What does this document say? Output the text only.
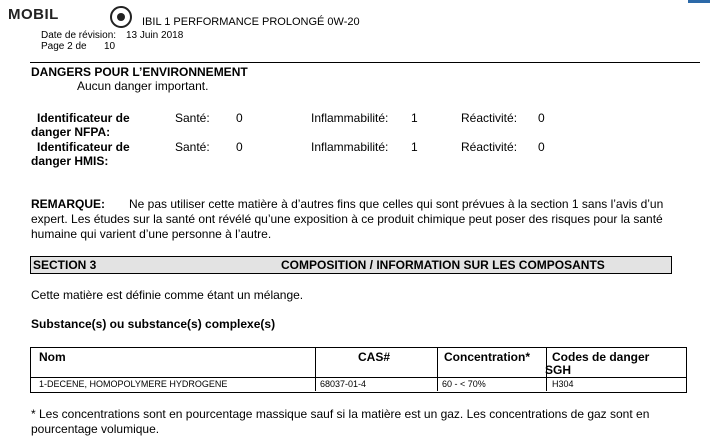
MOBIL	IBIL 1 PERFORMANCE PROLONGÉ 0W-20
Date de révision: 13 Juin 2018
Page 2 de 10
DANGERS POUR L’ENVIRONNEMENT
Aucun danger important.
Identificateur de
danger NFPA:
Santé: 0	Inflammabilité: 1	Réactivité: 0
Identificateur de
danger HMIS:
Santé: 0	Inflammabilité: 1	Réactivité: 0
REMARQUE: Ne pas utiliser cette matière à d’autres fins que celles qui sont prévues à la section 1 sans l’avis d’un
expert. Les études sur la santé ont révélé qu’une exposition à ce produit chimique peut poser des risques pour la santé
humaine qui varient d’une personne à l’autre.
SECTION 3	COMPOSITION / INFORMATION SUR LES COMPOSANTS
Cette matière est définie comme étant un mélange.
Substance(s) ou substance(s) complexe(s)
Nom	CAS#	Concentration* Codes de danger
SGH
1-DECENE, HOMOPOLYMERE HYDROGENE	68037-01-4	60 - < 70%	H304
* Les concentrations sont en pourcentage massique sauf si la matière est un gaz. Les concentrations de gaz sont en
pourcentage volumique.
